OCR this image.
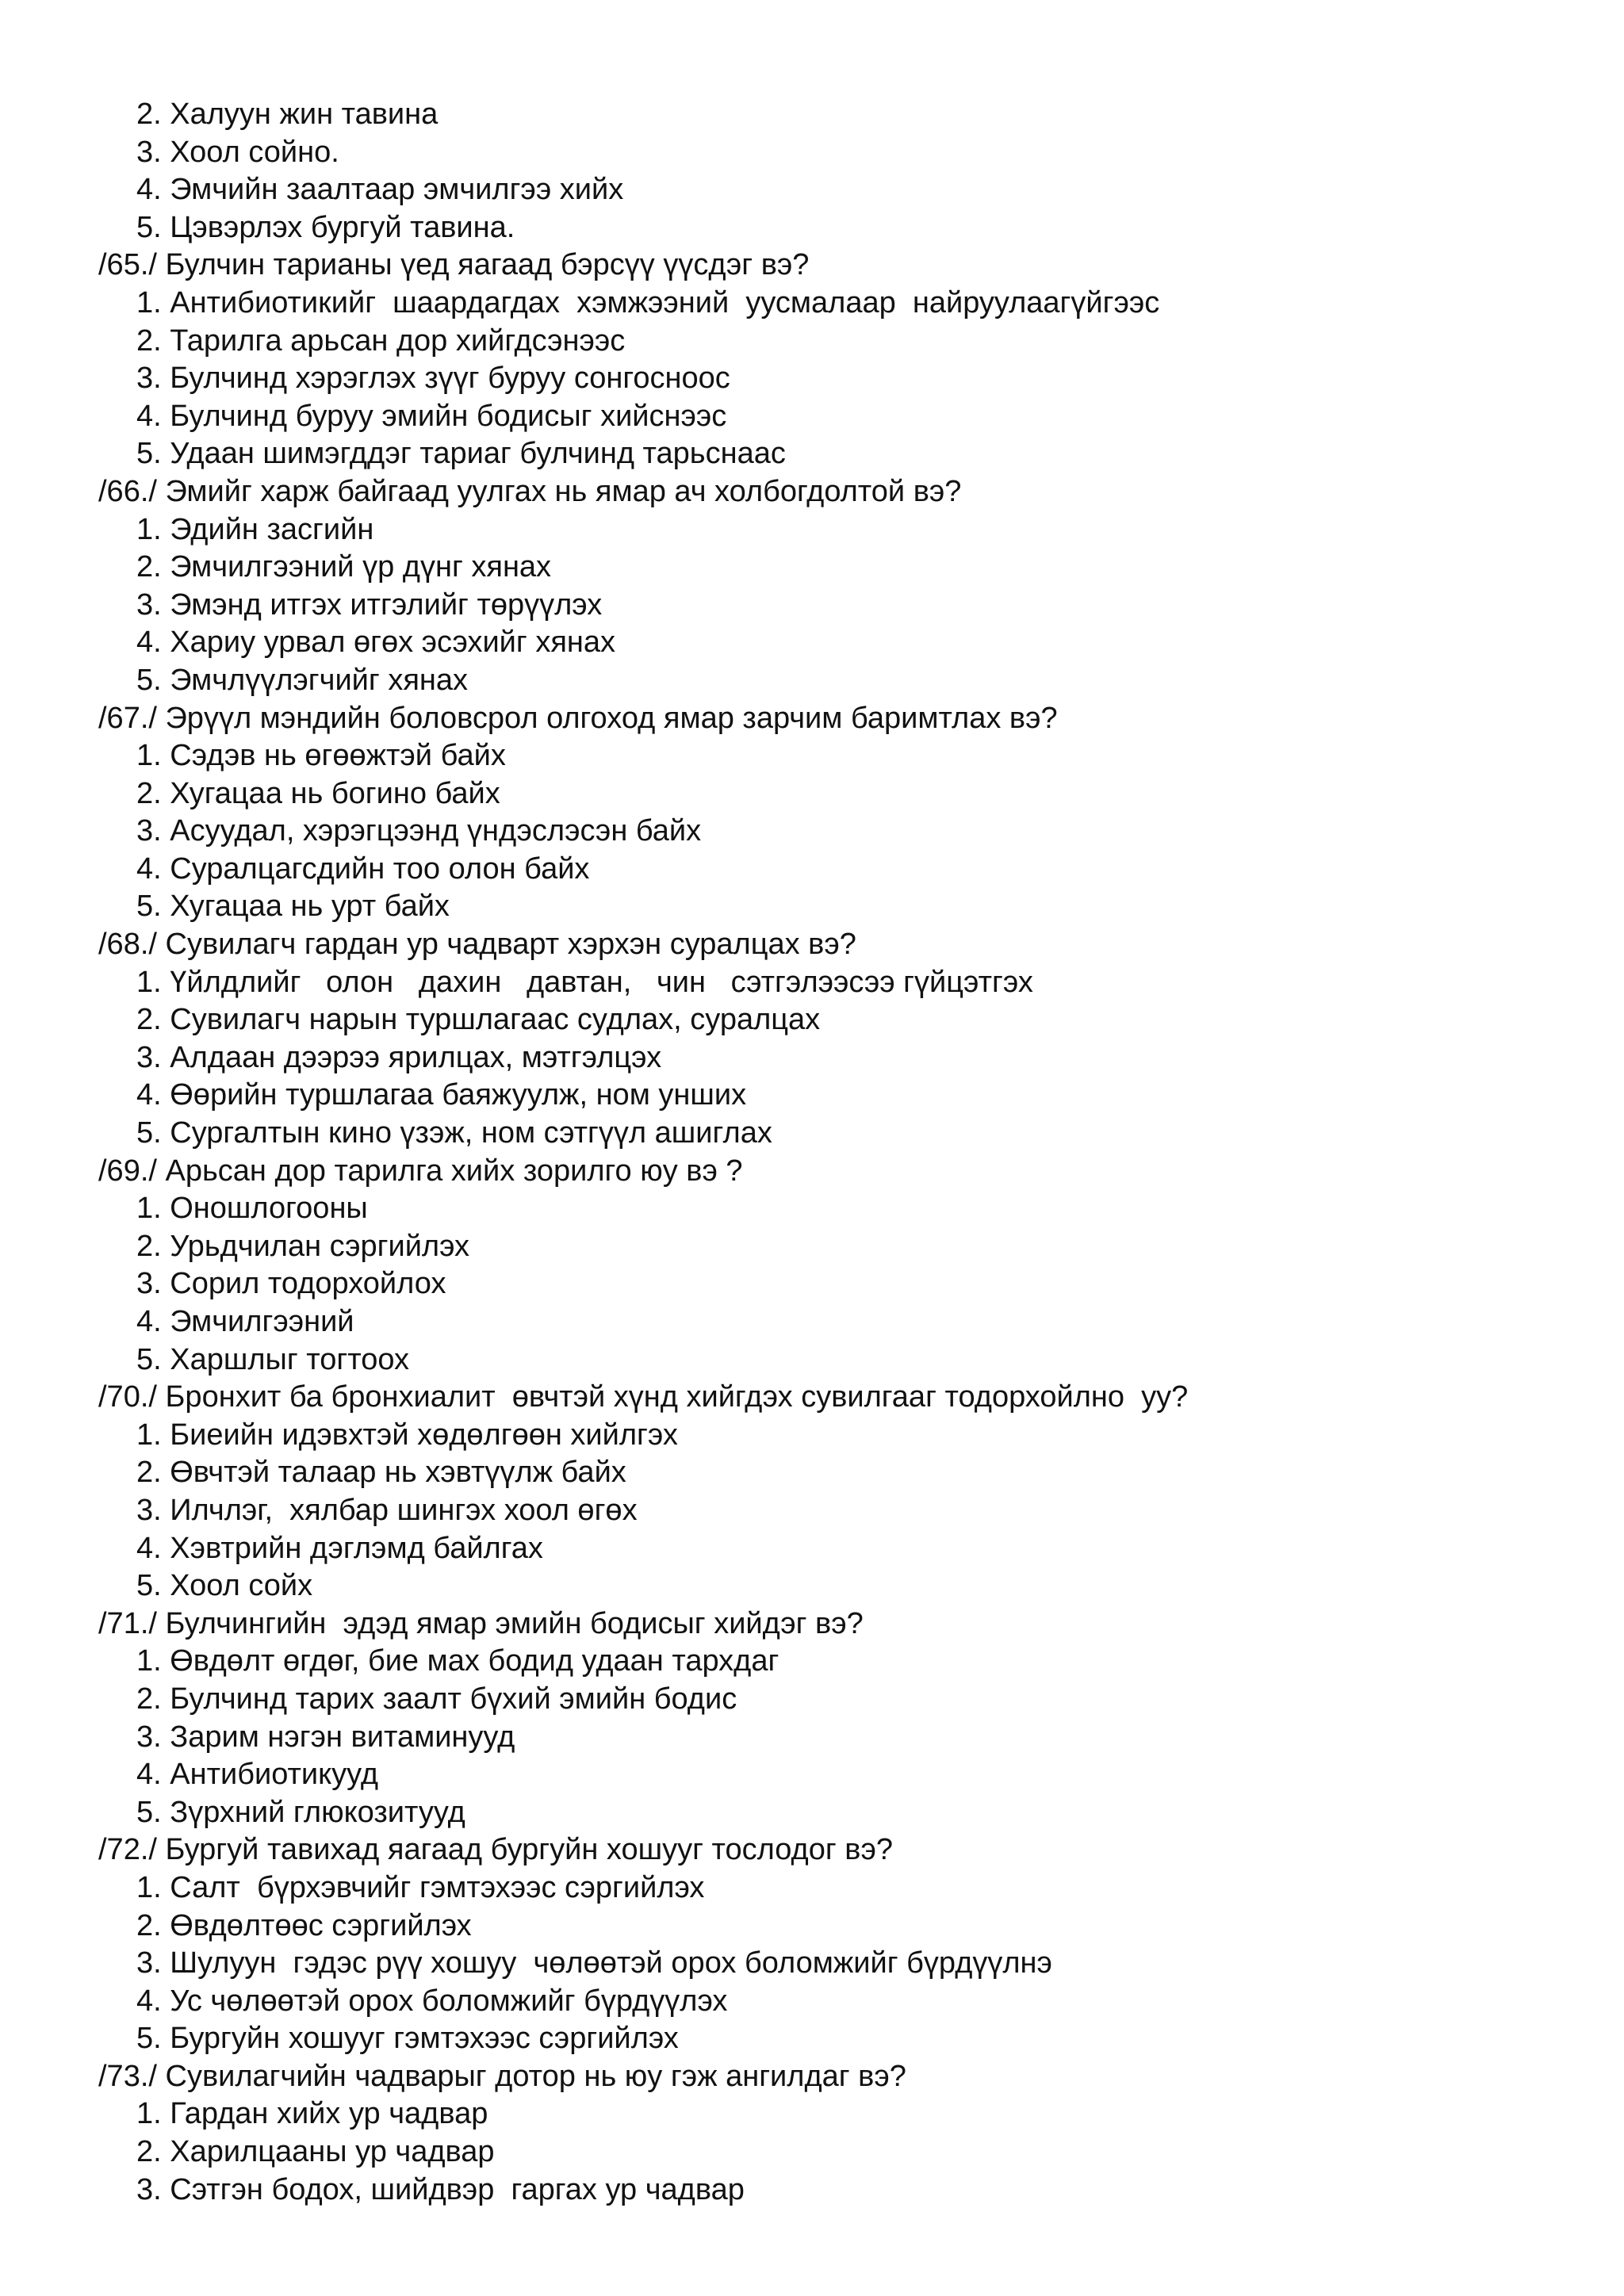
2. Халуун жин тавина
3. Хоол сойно.
4. Эмчийн заалтаар эмчилгээ хийх
5. Цэвэрлэх бургуй тавина.
/65./ Булчин тарианы үед яагаад бэрсүү үүсдэг вэ?
1. Антибиотикийг  шаардагдах  хэмжээний  уусмалаар  найруулаагүйгээс
2. Тарилга арьсан дор хийгдсэнээс
3. Булчинд хэрэглэх зүүг буруу сонгосноос
4. Булчинд буруу эмийн бодисыг хийснээс
5. Удаан шимэгддэг тариаг булчинд тарьснаас
/66./ Эмийг харж байгаад уулгах нь ямар ач холбогдолтой вэ?
1. Эдийн засгийн
2. Эмчилгээний үр дүнг хянах
3. Эмэнд итгэх итгэлийг төрүүлэх
4. Хариу урвал өгөх эсэхийг хянах
5. Эмчлүүлэгчийг хянах
/67./ Эрүүл мэндийн боловсрол олгоход ямар зарчим баримтлах вэ?
1. Сэдэв нь өгөөжтэй байх
2. Хугацаа нь богино байх
3. Асуудал, хэрэгцээнд үндэслэсэн байх
4. Суралцагсдийн тоо олон байх
5. Хугацаа нь урт байх
/68./ Сувилагч гардан ур чадварт хэрхэн суралцах вэ?
1. Үйлдлийг   олон   дахин   давтан,   чин   сэтгэлээсээ гүйцэтгэх
2. Сувилагч нарын туршлагаас судлах, суралцах
3. Алдаан дээрээ ярилцах, мэтгэлцэх
4. Өөрийн туршлагаа баяжуулж, ном унших
5. Сургалтын кино үзэж, ном сэтгүүл ашиглах
/69./ Арьсан дор тарилга хийх зорилго юу вэ ?
1. Оношлогооны
2. Урьдчилан сэргийлэх
3. Сорил тодорхойлох
4. Эмчилгээний
5. Харшлыг тогтоох
/70./ Бронхит ба бронхиалит  өвчтэй хүнд хийгдэх сувилгааг тодорхойлно  уу?
1. Биеийн идэвхтэй хөдөлгөөн хийлгэх
2. Өвчтэй талаар нь хэвтүүлж байх
3. Илчлэг,  хялбар шингэх хоол өгөх
4. Хэвтрийн дэглэмд байлгах
5. Хоол сойх
/71./ Булчингийн  эдэд ямар эмийн бодисыг хийдэг вэ?
1. Өвдөлт өгдөг, бие мах бодид удаан тархдаг
2. Булчинд тарих заалт бүхий эмийн бодис
3. Зарим нэгэн витаминууд
4. Антибиотикууд
5. Зүрхний глюкозитууд
/72./ Бургуй тавихад яагаад бургуйн хошууг тослодог вэ?
1. Салт  бүрхэвчийг гэмтэхээс сэргийлэх
2. Өвдөлтөөс сэргийлэх
3. Шулуун  гэдэс рүү хошуу  чөлөөтэй орох боломжийг бүрдүүлнэ
4. Ус чөлөөтэй орох боломжийг бүрдүүлэх
5. Бургуйн хошууг гэмтэхээс сэргийлэх
/73./ Сувилагчийн чадварыг дотор нь юу гэж ангилдаг вэ?
1. Гардан хийх ур чадвар
2. Харилцааны ур чадвар
3. Сэтгэн бодох, шийдвэр  гаргах ур чадвар
